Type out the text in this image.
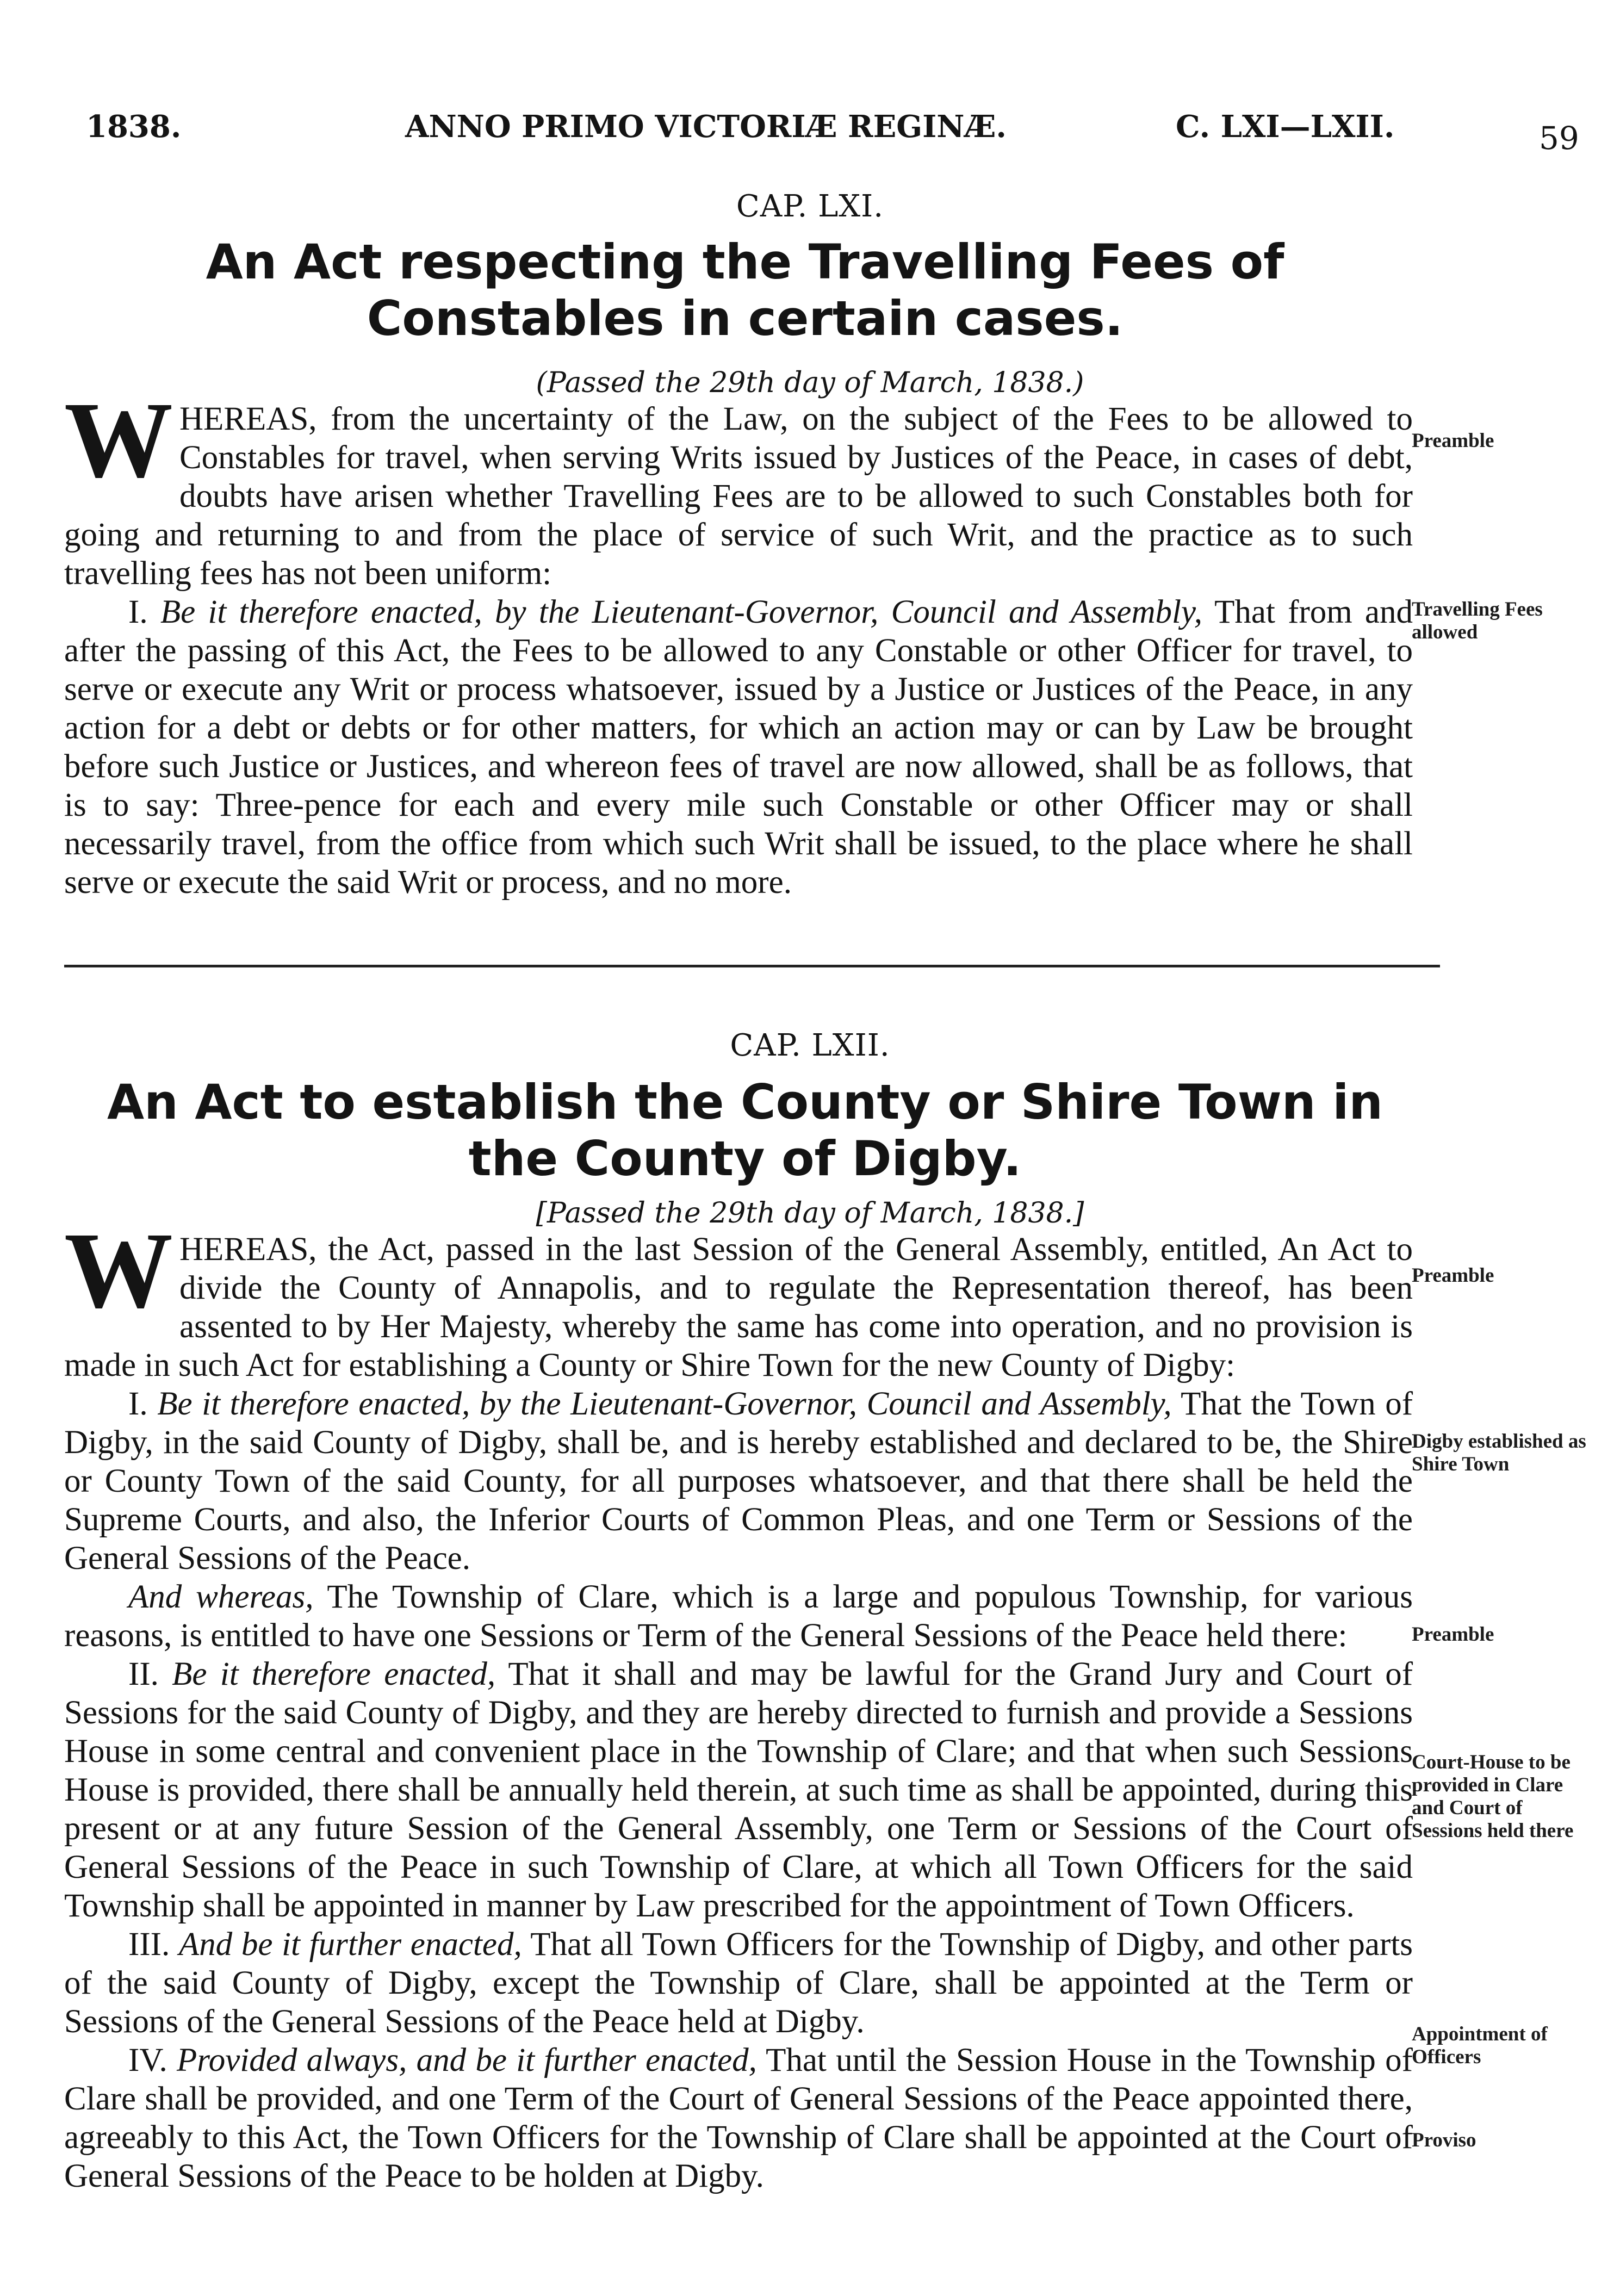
1838.	ANNO PRIMO VICTORIÆ REGINÆ.	C. LXI—LXII.	59
CAP. LXI.
An Act respecting the Travelling Fees of Constables in certain cases.
(Passed the 29th day of March, 1838.)

WHEREAS, from the uncertainty of the Law, on the subject of the Fees to be allowed to Constables for travel, when serving Writs issued by Justices of the Peace, in cases of debt, doubts have arisen whether Travelling Fees are to be allowed to such Constables both for going and returning to and from the place of service of such Writ, and the practice as to such travelling fees has not been uniform:

I. Be it therefore enacted, by the Lieutenant-Governor, Council and Assembly, That from and after the passing of this Act, the Fees to be allowed to any Constable or other Officer for travel, to serve or execute any Writ or process whatsoever, issued by a Justice or Justices of the Peace, in any action for a debt or debts or for other matters, for which an action may or can by Law be brought before such Justice or Justices, and whereon fees of travel are now allowed, shall be as follows, that is to say: Three-pence for each and every mile such Constable or other Officer may or shall necessarily travel, from the office from which such Writ shall be issued, to the place where he shall serve or execute the said Writ or process, and no more.

Preamble
Travelling Fees allowed
CAP. LXII.
An Act to establish the County or Shire Town in the County of Digby.
[Passed the 29th day of March, 1838.]

WHEREAS, the Act, passed in the last Session of the General Assembly, entitled, An Act to divide the County of Annapolis, and to regulate the Representation thereof, has been assented to by Her Majesty, whereby the same has come into operation, and no provision is made in such Act for establishing a County or Shire Town for the new County of Digby:

I. Be it therefore enacted, by the Lieutenant-Governor, Council and Assembly, That the Town of Digby, in the said County of Digby, shall be, and is hereby established and declared to be, the Shire or County Town of the said County, for all purposes whatsoever, and that there shall be held the Supreme Courts, and also, the Inferior Courts of Common Pleas, and one Term or Sessions of the General Sessions of the Peace.

And whereas, The Township of Clare, which is a large and populous Township, for various reasons, is entitled to have one Sessions or Term of the General Sessions of the Peace held there:

II. Be it therefore enacted, That it shall and may be lawful for the Grand Jury and Court of Sessions for the said County of Digby, and they are hereby directed to furnish and provide a Sessions House in some central and convenient place in the Township of Clare; and that when such Sessions House is provided, there shall be annually held therein, at such time as shall be appointed, during this present or at any future Session of the General Assembly, one Term or Sessions of the Court of General Sessions of the Peace in such Township of Clare, at which all Town Officers for the said Township shall be appointed in manner by Law prescribed for the appointment of Town Officers.

III. And be it further enacted, That all Town Officers for the Township of Digby, and other parts of the said County of Digby, except the Township of Clare, shall be appointed at the Term or Sessions of the General Sessions of the Peace held at Digby.

IV. Provided always, and be it further enacted, That until the Session House in the Township of Clare shall be provided, and one Term of the Court of General Sessions of the Peace appointed there, agreeably to this Act, the Town Officers for the Township of Clare shall be appointed at the Court of General Sessions of the Peace to be holden at Digby.

Preamble
Digby established as Shire Town
Preamble
Court-House to be provided in Clare and Court of Sessions held there
Appointment of Officers
Proviso
